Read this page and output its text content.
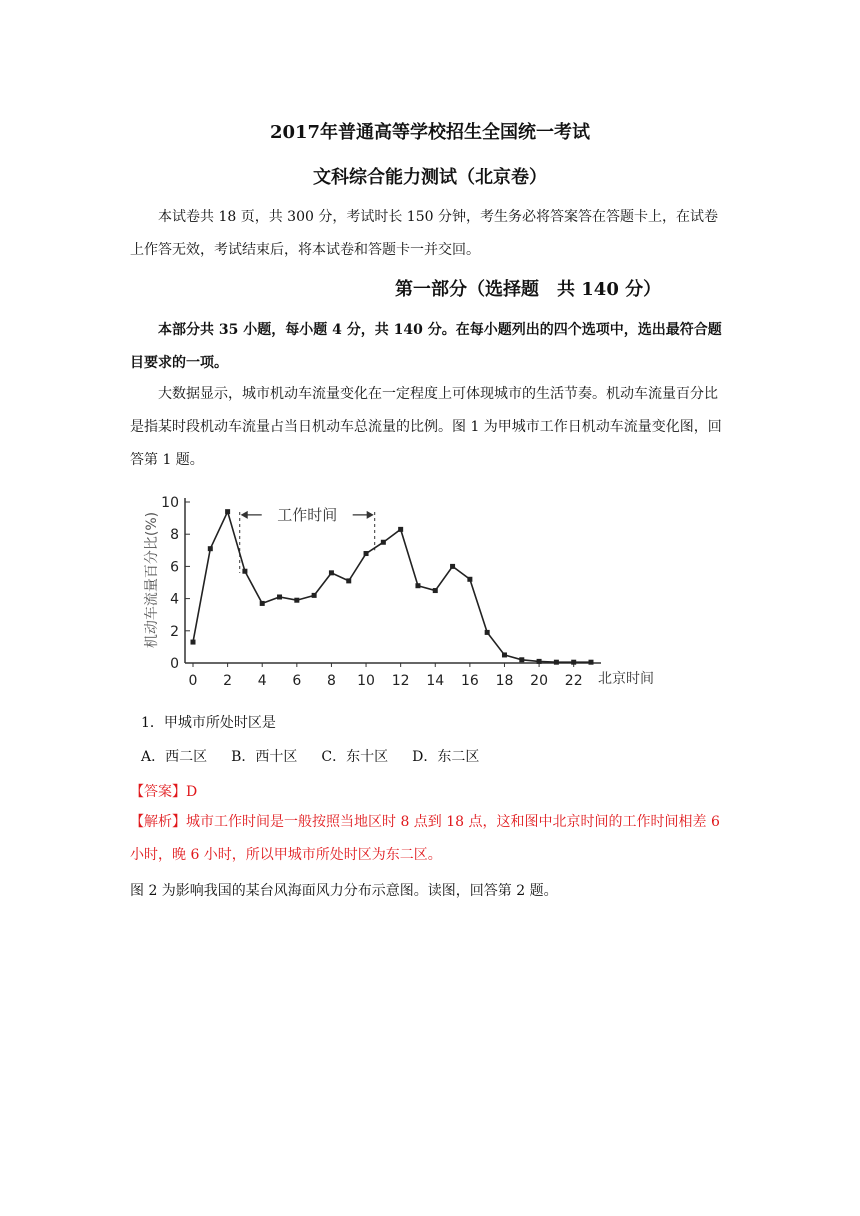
2017年普通高等学校招生全国统一考试
文科综合能力测试（北京卷）

本试卷共 18 页，共 300 分，考试时长 150 分钟，考生务必将答案答在答题卡上，在试卷上作答无效，考试结束后，将本试卷和答题卡一并交回。

第一部分（选择题　共 140 分）

本部分共 35 小题，每小题 4 分，共 140 分。在每小题列出的四个选项中，选出最符合题目要求的一项。

大数据显示，城市机动车流量变化在一定程度上可体现城市的生活节奏。机动车流量百分比是指某时段机动车流量占当日机动车总流量的比例。图 1 为甲城市工作日机动车流量变化图，回答第 1 题。

机动车流量百分比(%)
0
2
4
6
8
10
0 2 4 6 8 10 12 14 16 18 20 22
工作时间
北京时间
1．甲城市所处时区是
A．西二区 B．西十区 C．东十区 D．东二区
【答案】D

【解析】城市工作时间是一般按照当地区时 8 点到 18 点，这和图中北京时间的工作时间相差 6 小时，晚 6 小时，所以甲城市所处时区为东二区。

图 2 为影响我国的某台风海面风力分布示意图。读图，回答第 2 题。
